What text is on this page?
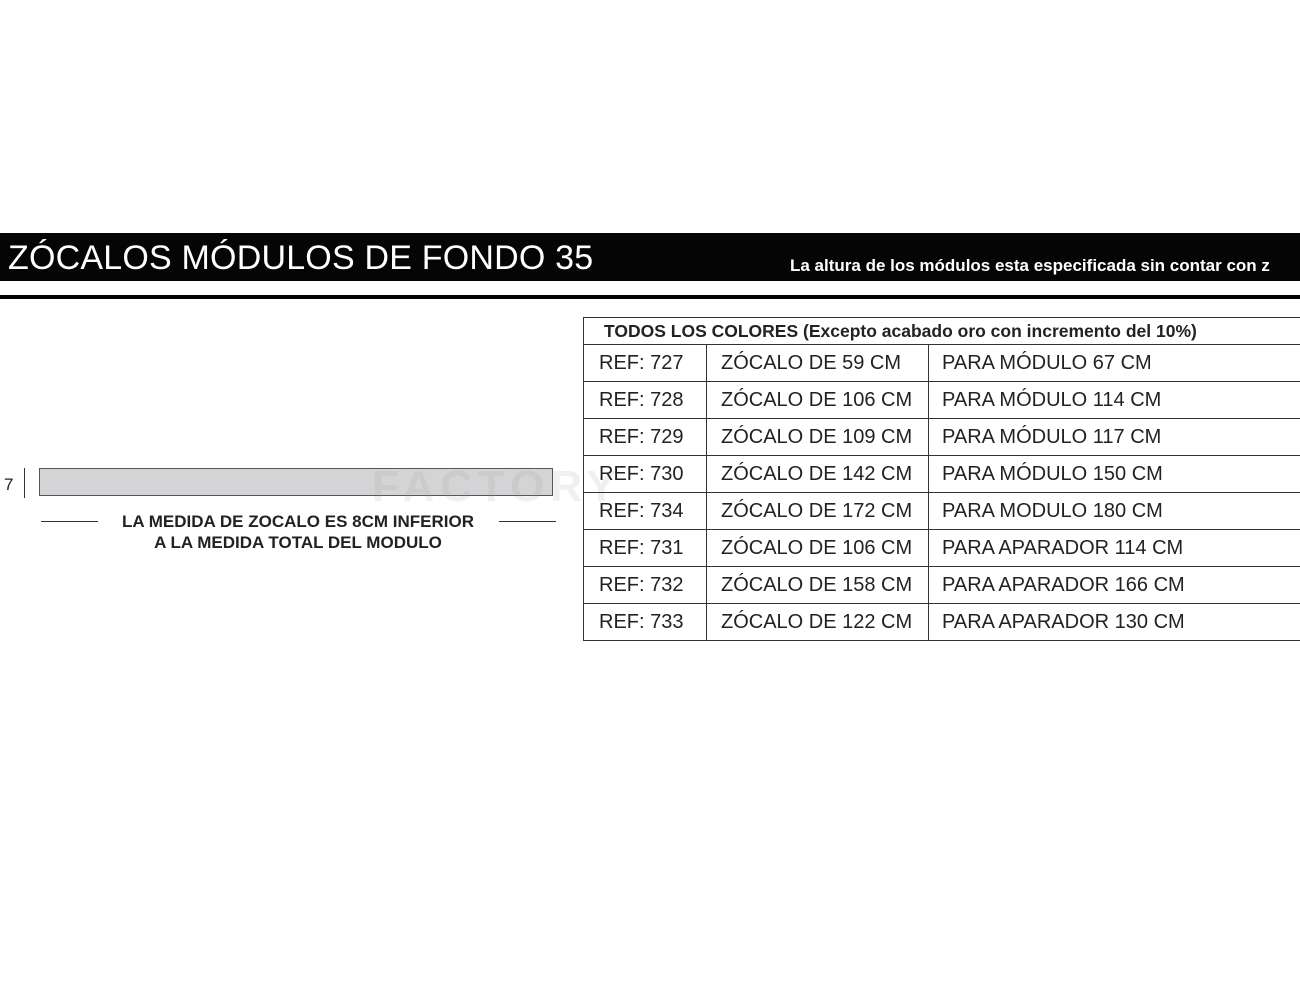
ZÓCALOS MÓDULOS DE FONDO 35	La altura de los módulos esta especificada sin contar con z
7
LA MEDIDA DE ZOCALO ES 8CM INFERIOR
A LA MEDIDA TOTAL DEL MODULO
TODOS LOS COLORES (Excepto acabado oro con incremento del 10%)		
REF: 727	ZÓCALO DE 59 CM	PARA MÓDULO 67 CM
REF: 728	ZÓCALO DE 106 CM	PARA MÓDULO 114 CM
REF: 729	ZÓCALO DE 109 CM	PARA MÓDULO 117 CM
REF: 730	ZÓCALO DE 142 CM	PARA MÓDULO 150 CM
REF: 734	ZÓCALO DE 172 CM	PARA MODULO 180 CM
REF: 731	ZÓCALO DE 106 CM	PARA APARADOR 114 CM
REF: 732	ZÓCALO DE 158 CM	PARA APARADOR 166 CM
REF: 733	ZÓCALO DE 122 CM	PARA APARADOR 130 CM
